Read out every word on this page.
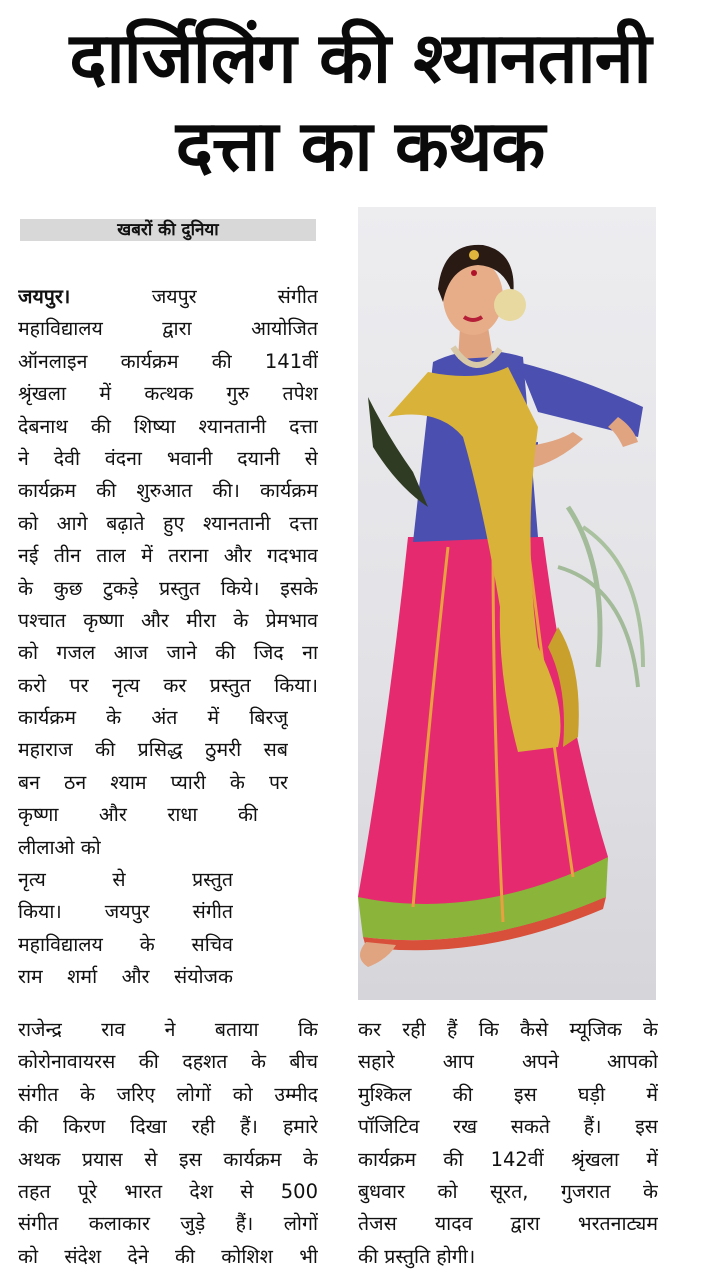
दार्जिलिंग की श्यानतानी
दत्ता का कथक
खबरों की दुनिया
जयपुर। जयपुर संगीत
महाविद्यालय द्वारा आयोजित
ऑनलाइन कार्यक्रम की 141वीं
श्रृंखला में कत्थक गुरु तपेश
देबनाथ की शिष्या श्यानतानी दत्ता
ने देवी वंदना भवानी दयानी से
कार्यक्रम की शुरुआत की। कार्यक्रम
को आगे बढ़ाते हुए श्यानतानी दत्ता
नई तीन ताल में तराना और गदभाव
के कुछ टुकड़े प्रस्तुत किये। इसके
पश्चात कृष्णा और मीरा के प्रेमभाव
को गजल आज जाने की जिद ना
करो पर नृत्य कर प्रस्तुत किया।
कार्यक्रम के अंत में बिरजू
महाराज की प्रसिद्ध ठुमरी सब
बन ठन श्याम प्यारी के पर
कृष्णा और राधा की
लीलाओ को
नृत्य से प्रस्तुत
किया। जयपुर संगीत
महाविद्यालय के सचिव
राम शर्मा और संयोजक
राजेन्द्र राव ने बताया कि
कोरोनावायरस की दहशत के बीच
संगीत के जरिए लोगों को उम्मीद
की किरण दिखा रही हैं। हमारे
अथक प्रयास से इस कार्यक्रम के
तहत पूरे भारत देश से 500
संगीत कलाकार जुड़े हैं। लोगों
को संदेश देने की कोशिश भी
कर रही हैं कि कैसे म्यूजिक के
सहारे आप अपने आपको
मुश्किल की इस घड़ी में
पॉजिटिव रख सकते हैं। इस
कार्यक्रम की 142वीं श्रृंखला में
बुधवार को सूरत, गुजरात के
तेजस यादव द्वारा भरतनाट्यम
की प्रस्तुति होगी।
